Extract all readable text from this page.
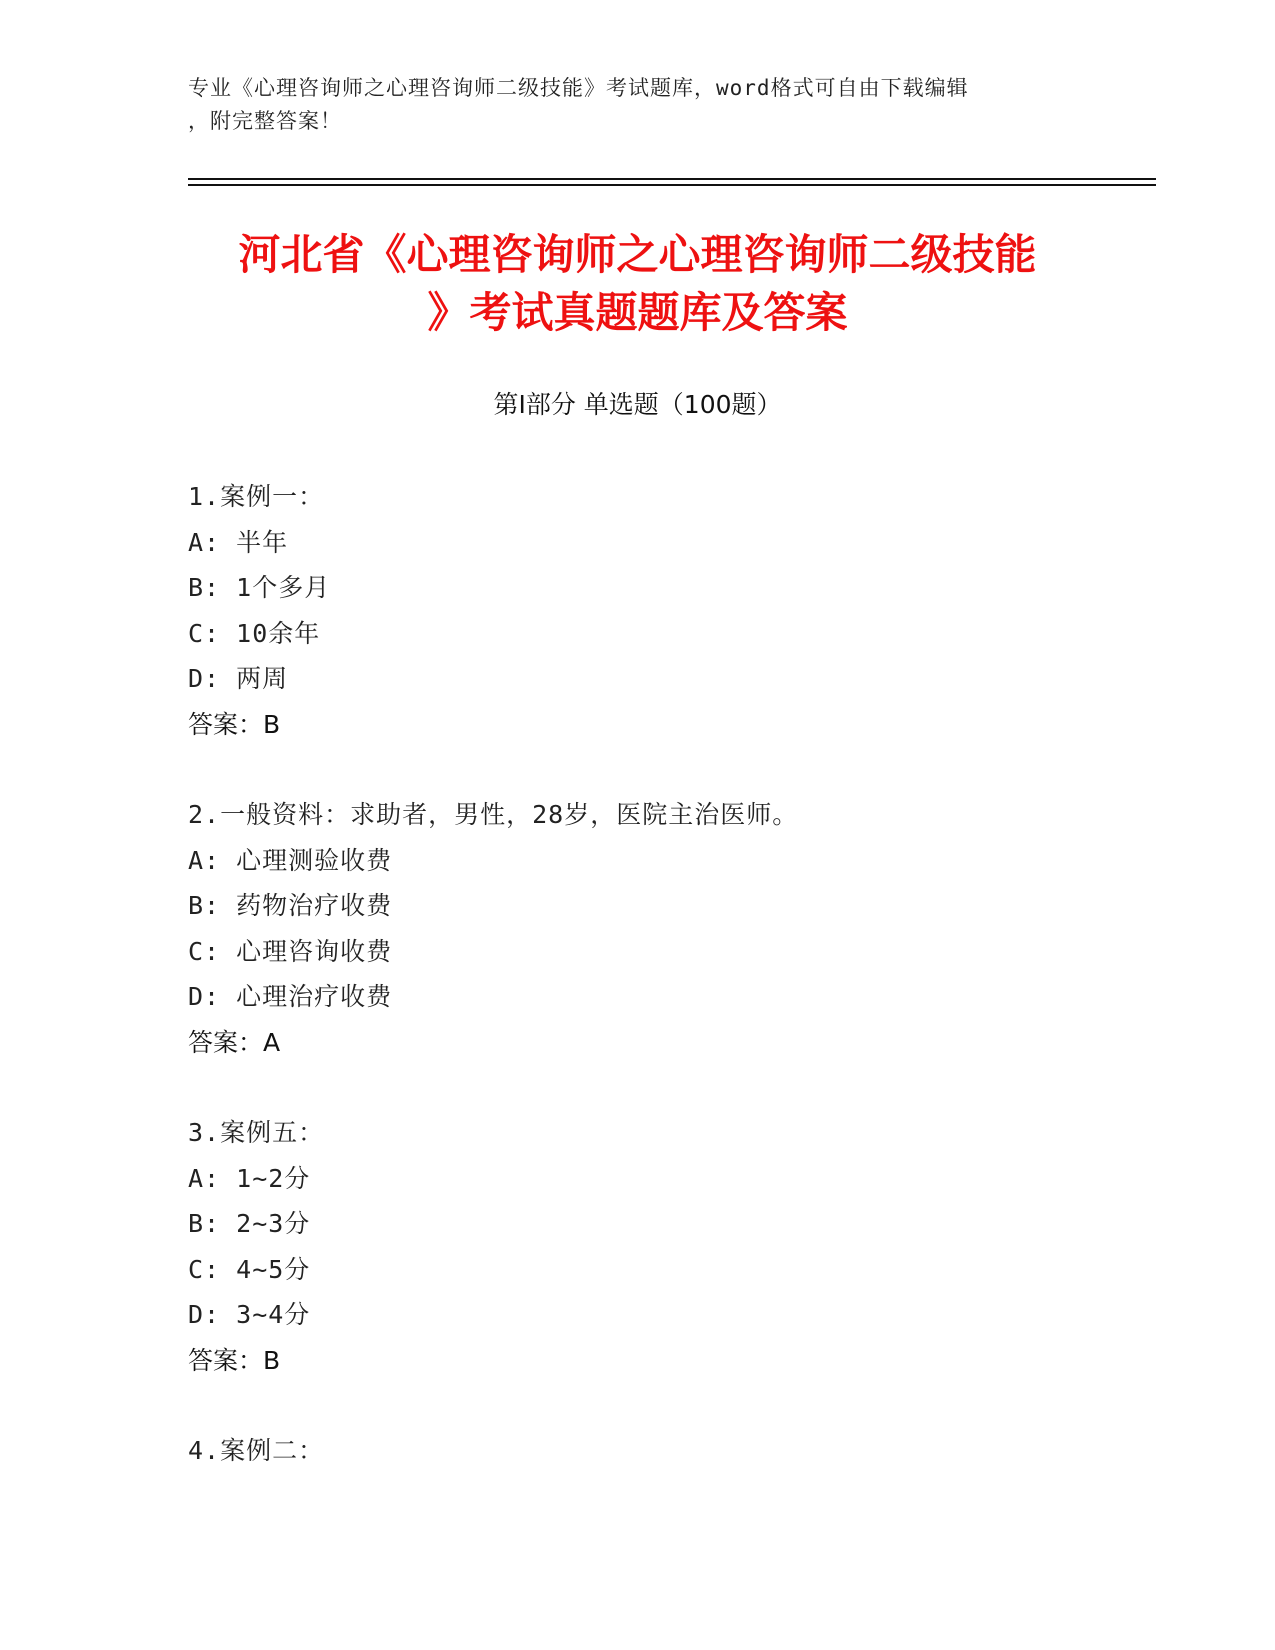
专业《心理咨询师之心理咨询师二级技能》考试题库，word格式可自由下载编辑
，附完整答案！
河北省《心理咨询师之心理咨询师二级技能
》考试真题题库及答案
第Ⅰ部分 单选题（100题）
1.案例一：
A: 半年
B: 1个多月
C: 10余年
D: 两周
答案：B
2.一般资料：求助者，男性，28岁，医院主治医师。
A: 心理测验收费
B: 药物治疗收费
C: 心理咨询收费
D: 心理治疗收费
答案：A
3.案例五：
A: 1~2分
B: 2~3分
C: 4~5分
D: 3~4分
答案：B
4.案例二：
